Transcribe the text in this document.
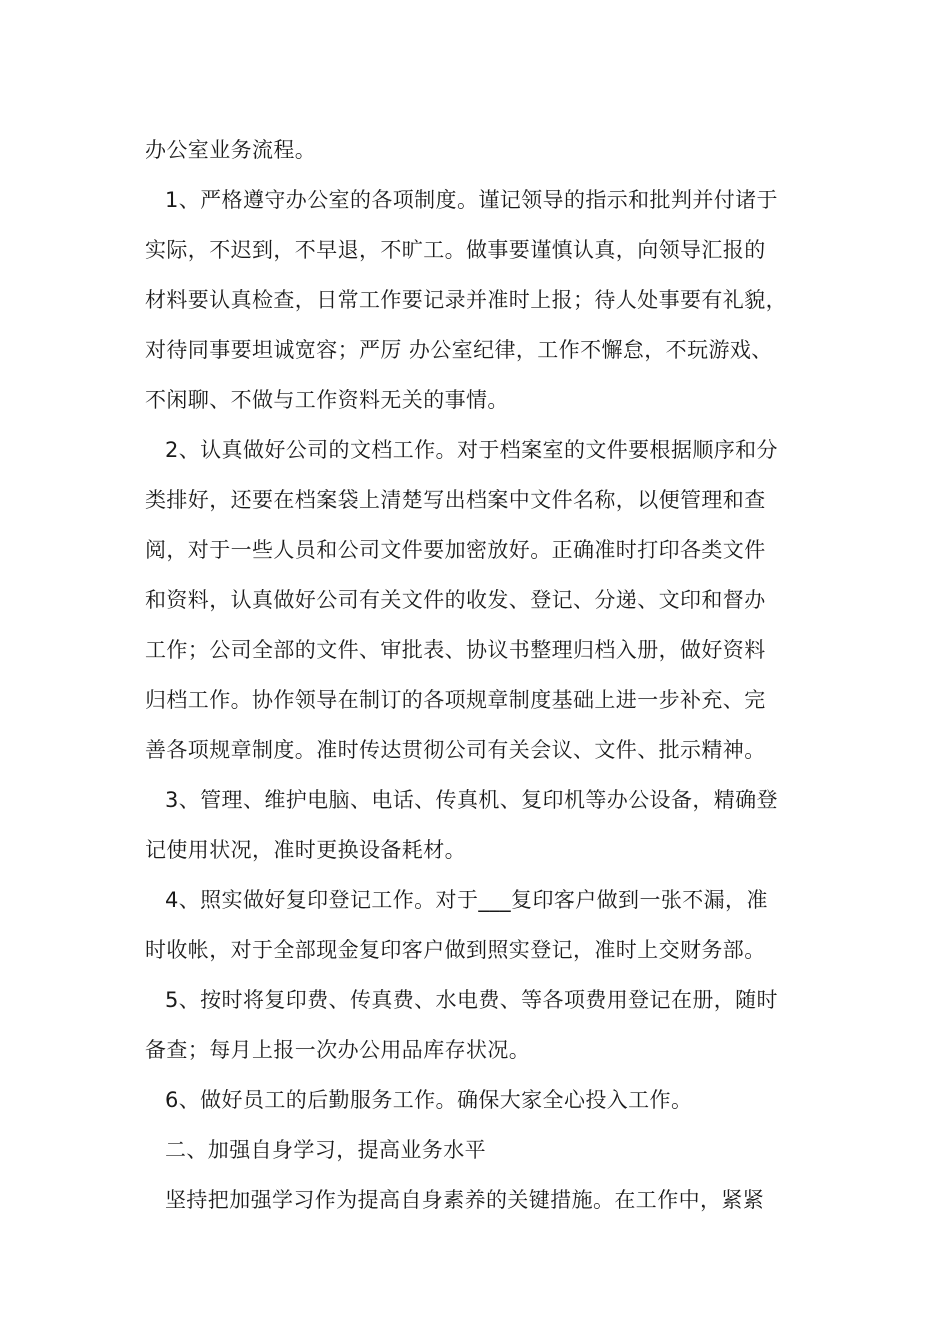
办公室业务流程。
1、严格遵守办公室的各项制度。谨记领导的指示和批判并付诸于
实际，不迟到，不早退，不旷工。做事要谨慎认真，向领导汇报的
材料要认真检查，日常工作要记录并准时上报；待人处事要有礼貌，
对待同事要坦诚宽容；严厉 办公室纪律，工作不懈怠，不玩游戏、
不闲聊、不做与工作资料无关的事情。
2、认真做好公司的文档工作。对于档案室的文件要根据顺序和分
类排好，还要在档案袋上清楚写出档案中文件名称，以便管理和查
阅，对于一些人员和公司文件要加密放好。正确准时打印各类文件
和资料，认真做好公司有关文件的收发、登记、分递、文印和督办
工作；公司全部的文件、审批表、协议书整理归档入册，做好资料
归档工作。协作领导在制订的各项规章制度基础上进一步补充、完
善各项规章制度。准时传达贯彻公司有关会议、文件、批示精神。
3、管理、维护电脑、电话、传真机、复印机等办公设备，精确登
记使用状况，准时更换设备耗材。
4、照实做好复印登记工作。对于___复印客户做到一张不漏，准
时收帐，对于全部现金复印客户做到照实登记，准时上交财务部。
5、按时将复印费、传真费、水电费、等各项费用登记在册，随时
备查；每月上报一次办公用品库存状况。
6、做好员工的后勤服务工作。确保大家全心投入工作。
二、加强自身学习，提高业务水平
坚持把加强学习作为提高自身素养的关键措施。在工作中，紧紧
